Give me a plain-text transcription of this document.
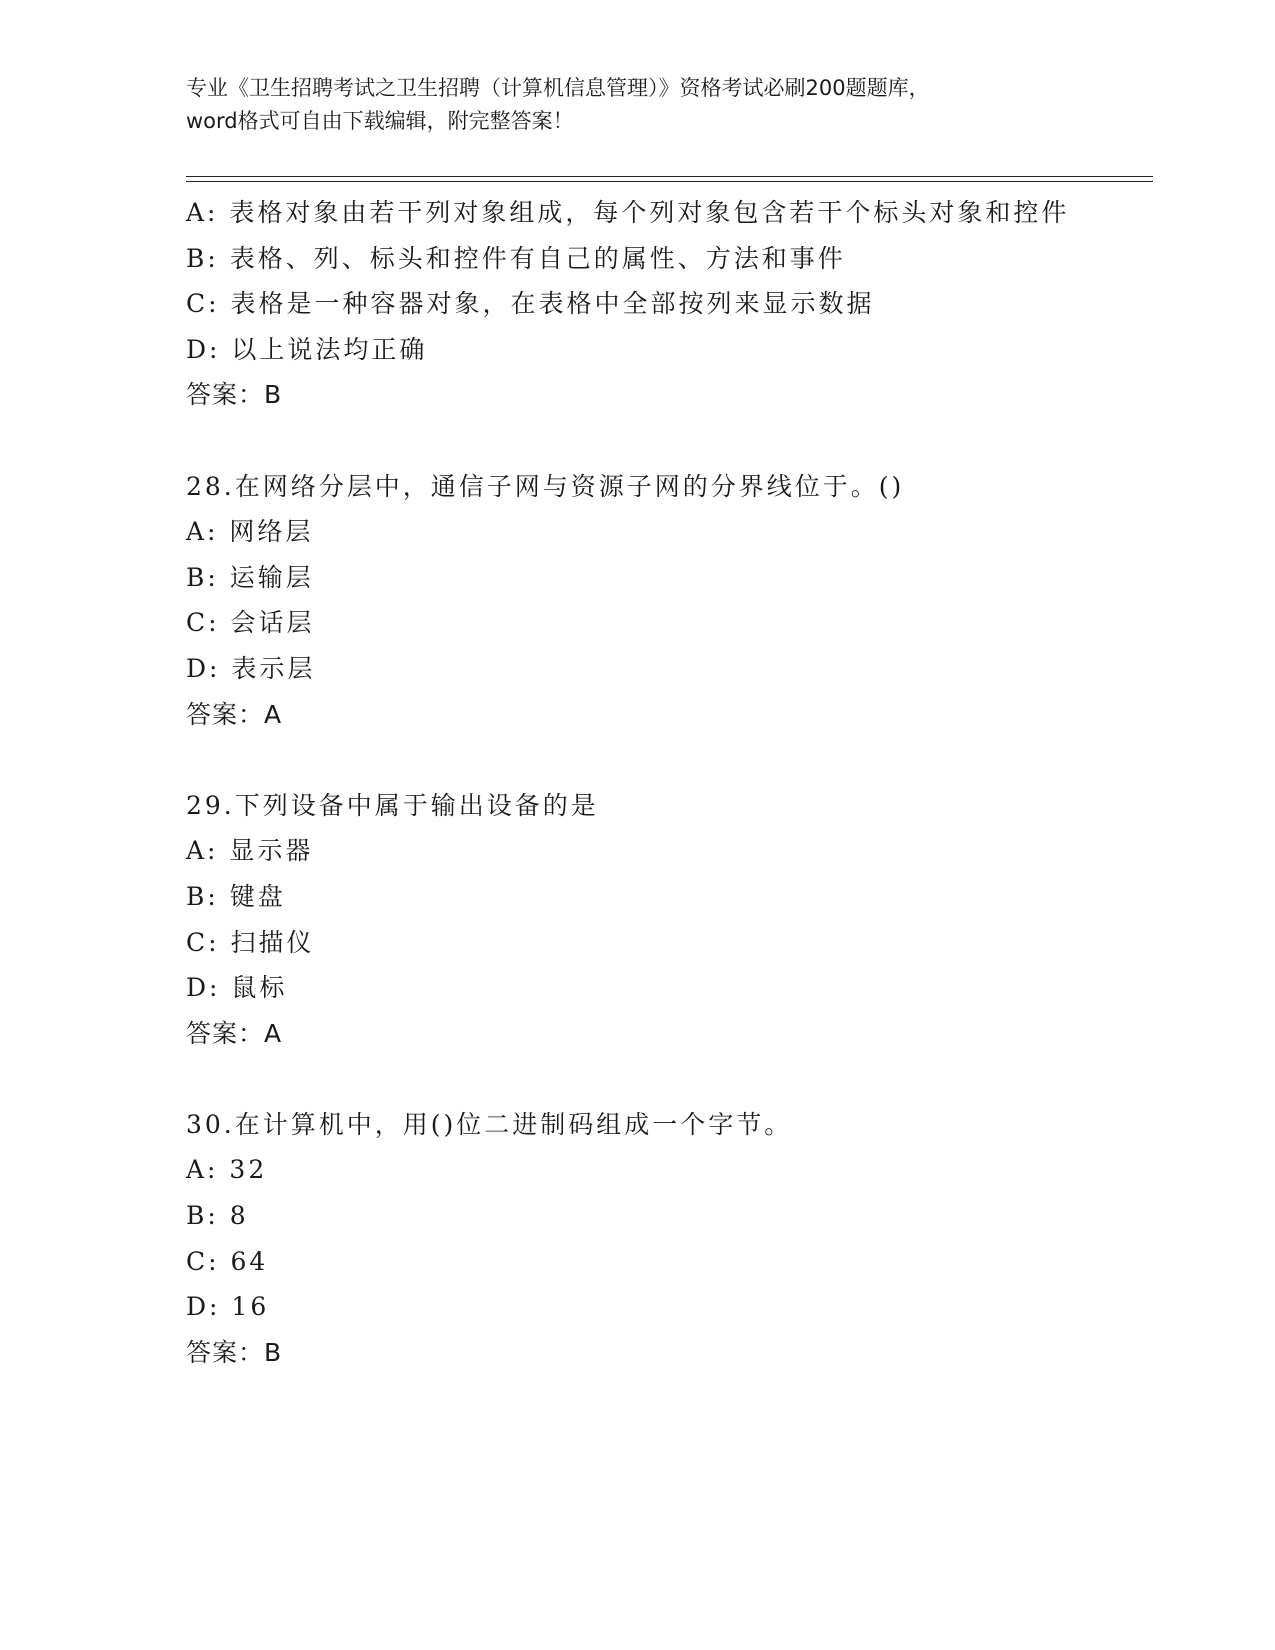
专业《卫生招聘考试之卫生招聘（计算机信息管理）》资格考试必刷200题题库，
word格式可自由下载编辑，附完整答案！
A: 表格对象由若干列对象组成，每个列对象包含若干个标头对象和控件
B: 表格、列、标头和控件有自己的属性、方法和事件
C: 表格是一种容器对象，在表格中全部按列来显示数据
D: 以上说法均正确
答案：B
28.在网络分层中，通信子网与资源子网的分界线位于。()
A: 网络层
B: 运输层
C: 会话层
D: 表示层
答案：A
29.下列设备中属于输出设备的是
A: 显示器
B: 键盘
C: 扫描仪
D: 鼠标
答案：A
30.在计算机中，用()位二进制码组成一个字节。
A: 32
B: 8
C: 64
D: 16
答案：B
